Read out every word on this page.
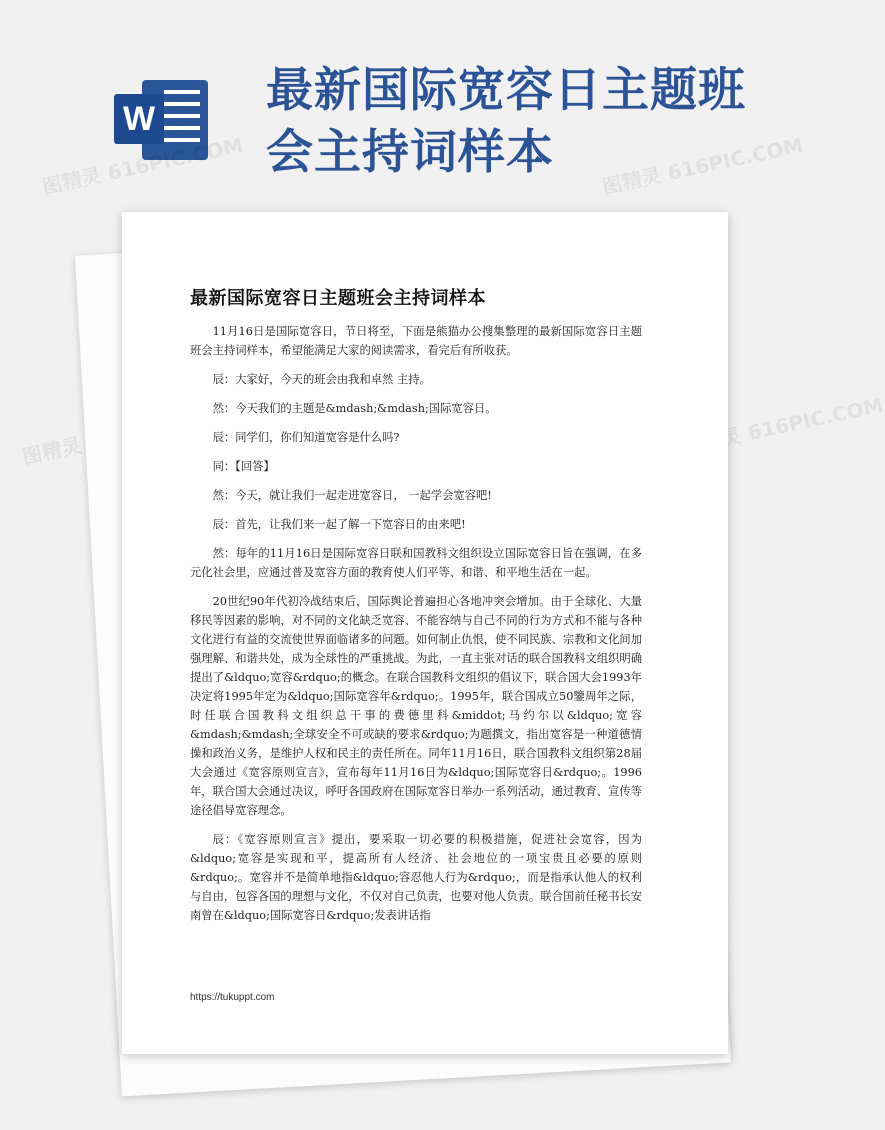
W
最新国际宽容日主题班会主持词样本
图精灵 616PIC.COM	图精灵 616PIC.COM
图精灵	图精灵 616PIC.COM
最新国际宽容日主题班会主持词样本

11月16日是国际宽容日，节日将至，下面是熊猫办公搜集整理的最新国际宽容日主题班会主持词样本，希望能满足大家的阅读需求，看完后有所收获。

辰：大家好，今天的班会由我和卓然 主持。

然：今天我们的主题是&mdash;&mdash;国际宽容日。

辰：同学们，你们知道宽容是什么吗?

同：【回答】

然：今天，就让我们一起走进宽容日， 一起学会宽容吧!

辰：首先，让我们来一起了解一下宽容日的由来吧!

然：每年的11月16日是国际宽容日联和国教科文组织设立国际宽容日旨在强调，在多元化社会里，应通过普及宽容方面的教育使人们平等、和谐、和平地生活在一起。

20世纪90年代初冷战结束后，国际舆论普遍担心各地冲突会增加。由于全球化、大量移民等因素的影响，对不同的文化缺乏宽容、不能容纳与自己不同的行为方式和不能与各种文化进行有益的交流使世界面临诸多的问题。如何制止仇恨，使不同民族、宗教和文化间加强理解、和谐共处，成为全球性的严重挑战。为此，一直主张对话的联合国教科文组织明确提出了&ldquo;宽容&rdquo;的概念。在联合国教科文组织的倡议下，联合国大会1993年决定将1995年定为&ldquo;国际宽容年&rdquo;。1995年，联合国成立50鑒周年之际，时任联合国教科文组织总干事的费德里科&middot;马约尔以&ldquo;宽容&mdash;&mdash;全球安全不可或缺的要求&rdquo;为题撰文，指出宽容是一种道德情操和政治义务，是维护人权和民主的责任所在。同年11月16日，联合国教科文组织第28届大会通过《宽容原则宣言》，宣布每年11月16日为&ldquo;国际宽容日&rdquo;。1996年，联合国大会通过决议，呼吁各国政府在国际宽容日举办一系列活动，通过教育、宣传等途径倡导宽容理念。

辰：《宽容原则宣言》提出，要采取一切必要的积极措施，促进社会宽容，因为&ldquo;宽容是实现和平，提高所有人经济、社会地位的一项宝贵且必要的原则&rdquo;。宽容并不是简单地指&ldquo;容忍他人行为&rdquo;，而是指承认他人的权利与自由，包容各国的理想与文化，不仅对自己负责，也要对他人负责。联合国前任秘书长安南曾在&ldquo;国际宽容日&rdquo;发表讲话指

https://tukuppt.com
